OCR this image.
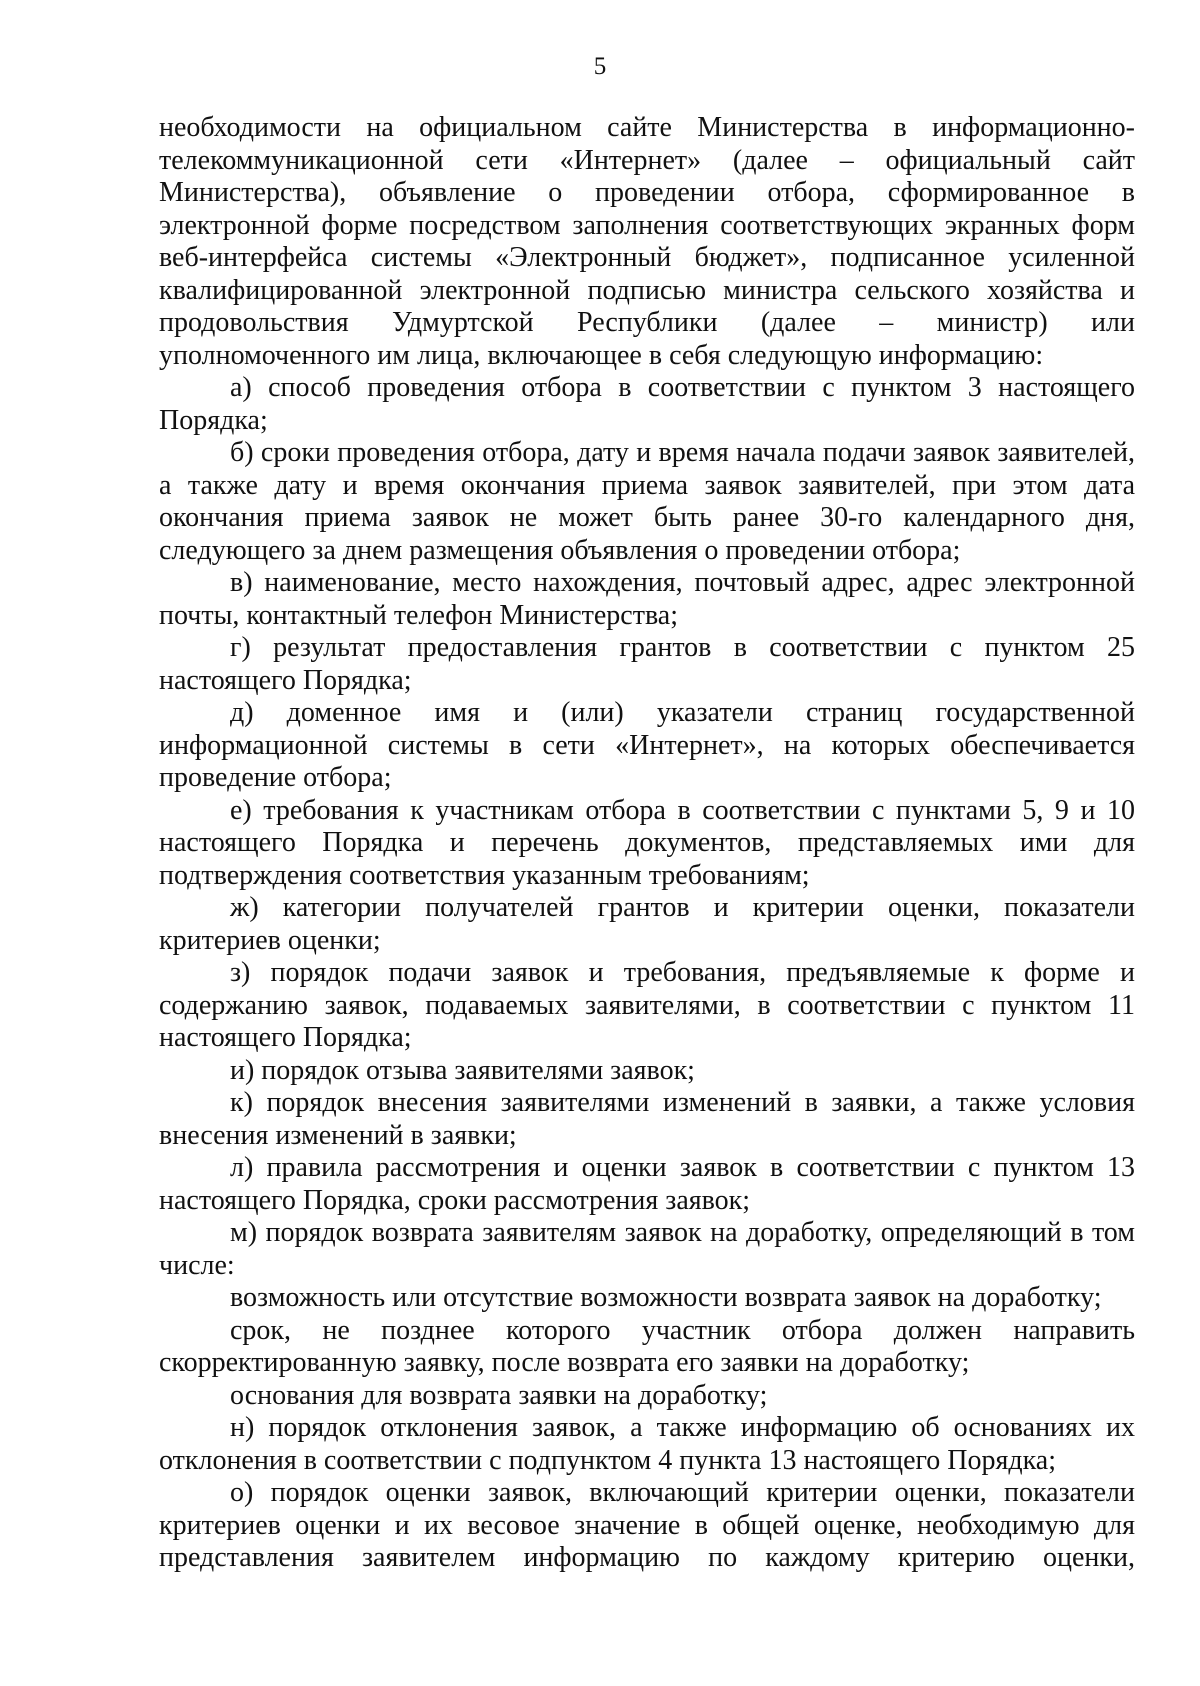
5

необходимости на официальном сайте Министерства в информационно-телекоммуникационной сети «Интернет» (далее – официальный сайт Министерства), объявление о проведении отбора, сформированное в электронной форме посредством заполнения соответствующих экранных форм веб-интерфейса системы «Электронный бюджет», подписанное усиленной квалифицированной электронной подписью министра сельского хозяйства и продовольствия Удмуртской Республики (далее – министр) или уполномоченного им лица, включающее в себя следующую информацию:

а) способ проведения отбора в соответствии с пунктом 3 настоящего Порядка;

б) сроки проведения отбора, дату и время начала подачи заявок заявителей, а также дату и время окончания приема заявок заявителей, при этом дата окончания приема заявок не может быть ранее 30-го календарного дня, следующего за днем размещения объявления о проведении отбора;

в) наименование, место нахождения, почтовый адрес, адрес электронной почты, контактный телефон Министерства;

г) результат предоставления грантов в соответствии с пунктом 25 настоящего Порядка;

д) доменное имя и (или) указатели страниц государственной информационной системы в сети «Интернет», на которых обеспечивается проведение отбора;

е) требования к участникам отбора в соответствии с пунктами 5, 9 и 10 настоящего Порядка и перечень документов, представляемых ими для подтверждения соответствия указанным требованиям;

ж) категории получателей грантов и критерии оценки, показатели критериев оценки;

з) порядок подачи заявок и требования, предъявляемые к форме и содержанию заявок, подаваемых заявителями, в соответствии с пунктом 11 настоящего Порядка;

и) порядок отзыва заявителями заявок;

к) порядок внесения заявителями изменений в заявки, а также условия внесения изменений в заявки;

л) правила рассмотрения и оценки заявок в соответствии с пунктом 13 настоящего Порядка, сроки рассмотрения заявок;

м) порядок возврата заявителям заявок на доработку, определяющий в том числе:

возможность или отсутствие возможности возврата заявок на доработку;

срок, не позднее которого участник отбора должен направить скорректированную заявку, после возврата его заявки на доработку;

основания для возврата заявки на доработку;

н) порядок отклонения заявок, а также информацию об основаниях их отклонения в соответствии с подпунктом 4 пункта 13 настоящего Порядка;

о) порядок оценки заявок, включающий критерии оценки, показатели критериев оценки и их весовое значение в общей оценке, необходимую для представления заявителем информацию по каждому критерию оценки,
